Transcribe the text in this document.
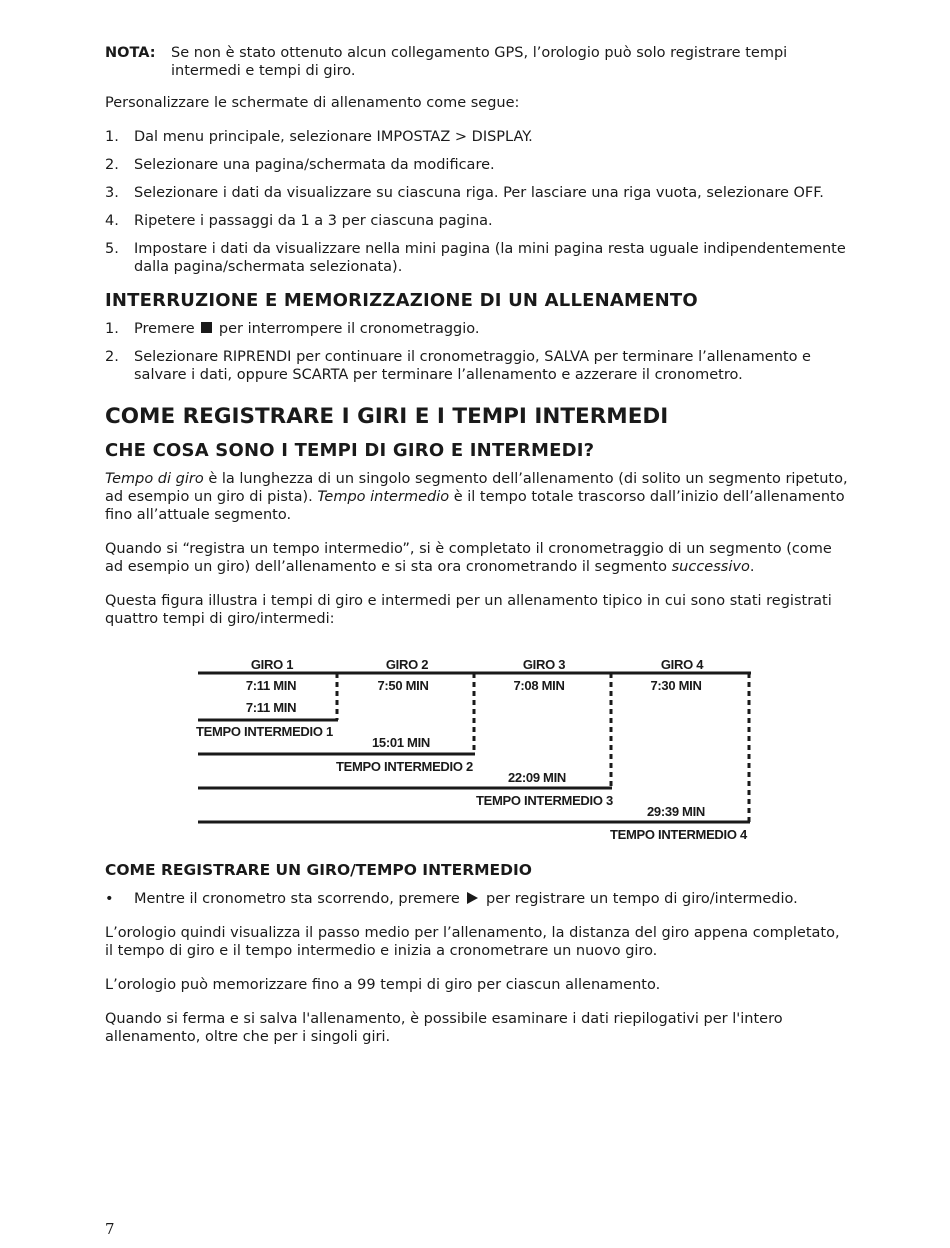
NOTA:	Se non è stato ottenuto alcun collegamento GPS, l’orologio può solo registrare tempi intermedi e tempi di giro.

Personalizzare le schermate di allenamento come segue:

1.	Dal menu principale, selezionare IMPOSTAZ > DISPLAY.
2.	Selezionare una pagina/schermata da modificare.
3.	Selezionare i dati da visualizzare su ciascuna riga. Per lasciare una riga vuota, selezionare OFF.
4.	Ripetere i passaggi da 1 a 3 per ciascuna pagina.
5.	Impostare i dati da visualizzare nella mini pagina (la mini pagina resta uguale indipendentemente dalla pagina/schermata selezionata).
INTERRUZIONE E MEMORIZZAZIONE DI UN ALLENAMENTO
1.	Premere per interrompere il cronometraggio.
2.	Selezionare RIPRENDI per continuare il cronometraggio, SALVA per terminare l’allenamento e salvare i dati, oppure SCARTA per terminare l’allenamento e azzerare il cronometro.
COME REGISTRARE I GIRI E I TEMPI INTERMEDI
CHE COSA SONO I TEMPI DI GIRO E INTERMEDI?

Tempo di giro è la lunghezza di un singolo segmento dell’allenamento (di solito un segmento ripetuto, ad esempio un giro di pista). Tempo intermedio è il tempo totale trascorso dall’inizio dell’allenamento fino all’attuale segmento.

Quando si “registra un tempo intermedio”, si è completato il cronometraggio di un segmento (come ad esempio un giro) dell’allenamento e si sta ora cronometrando il segmento successivo.

Questa figura illustra i tempi di giro e intermedi per un allenamento tipico in cui sono stati registrati quattro tempi di giro/intermedi:

GIRO 1	GIRO 2	GIRO 3	GIRO 4
7:11 MIN	7:50 MIN	7:08 MIN	7:30 MIN
7:11 MIN
TEMPO INTERMEDIO 1
15:01 MIN
TEMPO INTERMEDIO 2
22:09 MIN
TEMPO INTERMEDIO 3
29:39 MIN
TEMPO INTERMEDIO 4
COME REGISTRARE UN GIRO/TEMPO INTERMEDIO
•	Mentre il cronometro sta scorrendo, premere per registrare un tempo di giro/intermedio.

L’orologio quindi visualizza il passo medio per l’allenamento, la distanza del giro appena completato, il tempo di giro e il tempo intermedio e inizia a cronometrare un nuovo giro.

L’orologio può memorizzare fino a 99 tempi di giro per ciascun allenamento.

Quando si ferma e si salva l'allenamento, è possibile esaminare i dati riepilogativi per l'intero allenamento, oltre che per i singoli giri.

7
